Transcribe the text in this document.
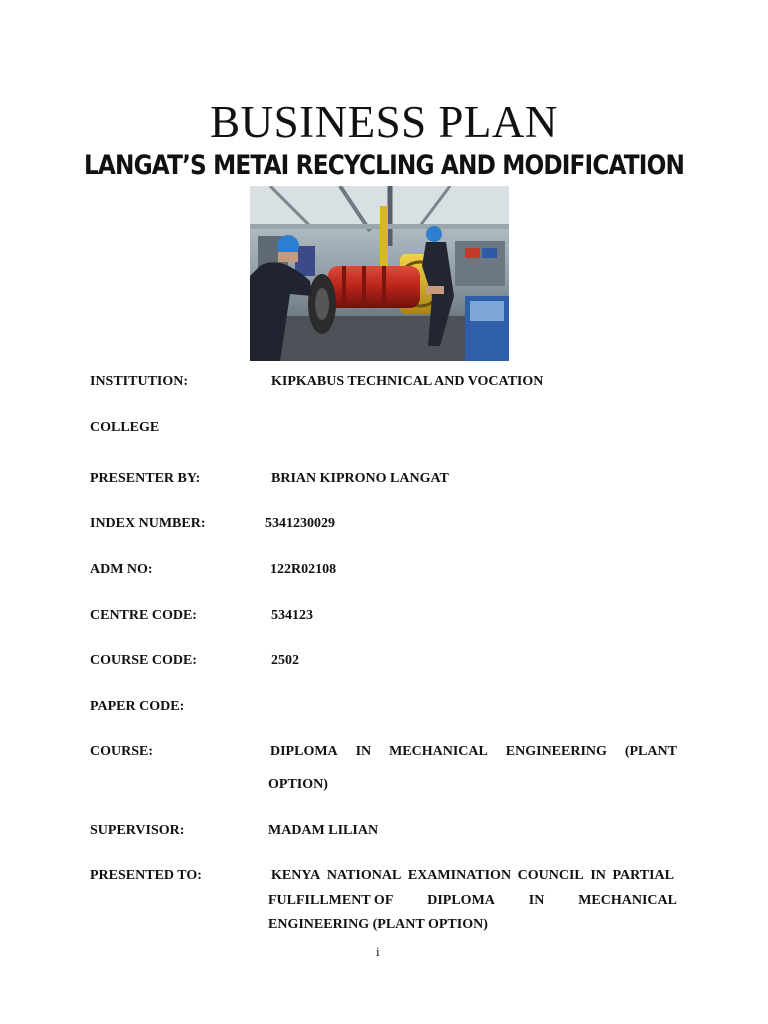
BUSINESS PLAN
LANGAT’S METAI RECYCLING AND MODIFICATION
INSTITUTION:	KIPKABUS TECHNICAL AND VOCATION
COLLEGE
PRESENTER BY:	BRIAN KIPRONO LANGAT
INDEX NUMBER:	5341230029
ADM NO:	122R02108
CENTRE CODE:	534123
COURSE CODE:	2502
PAPER CODE:
COURSE:	DIPLOMA IN MECHANICAL ENGINEERING (PLANT
OPTION)
SUPERVISOR:	MADAM LILIAN
PRESENTED TO:	KENYA NATIONAL EXAMINATION COUNCIL IN PARTIAL
FULFILLMENT OF DIPLOMA IN MECHANICAL
ENGINEERING (PLANT OPTION)
i
